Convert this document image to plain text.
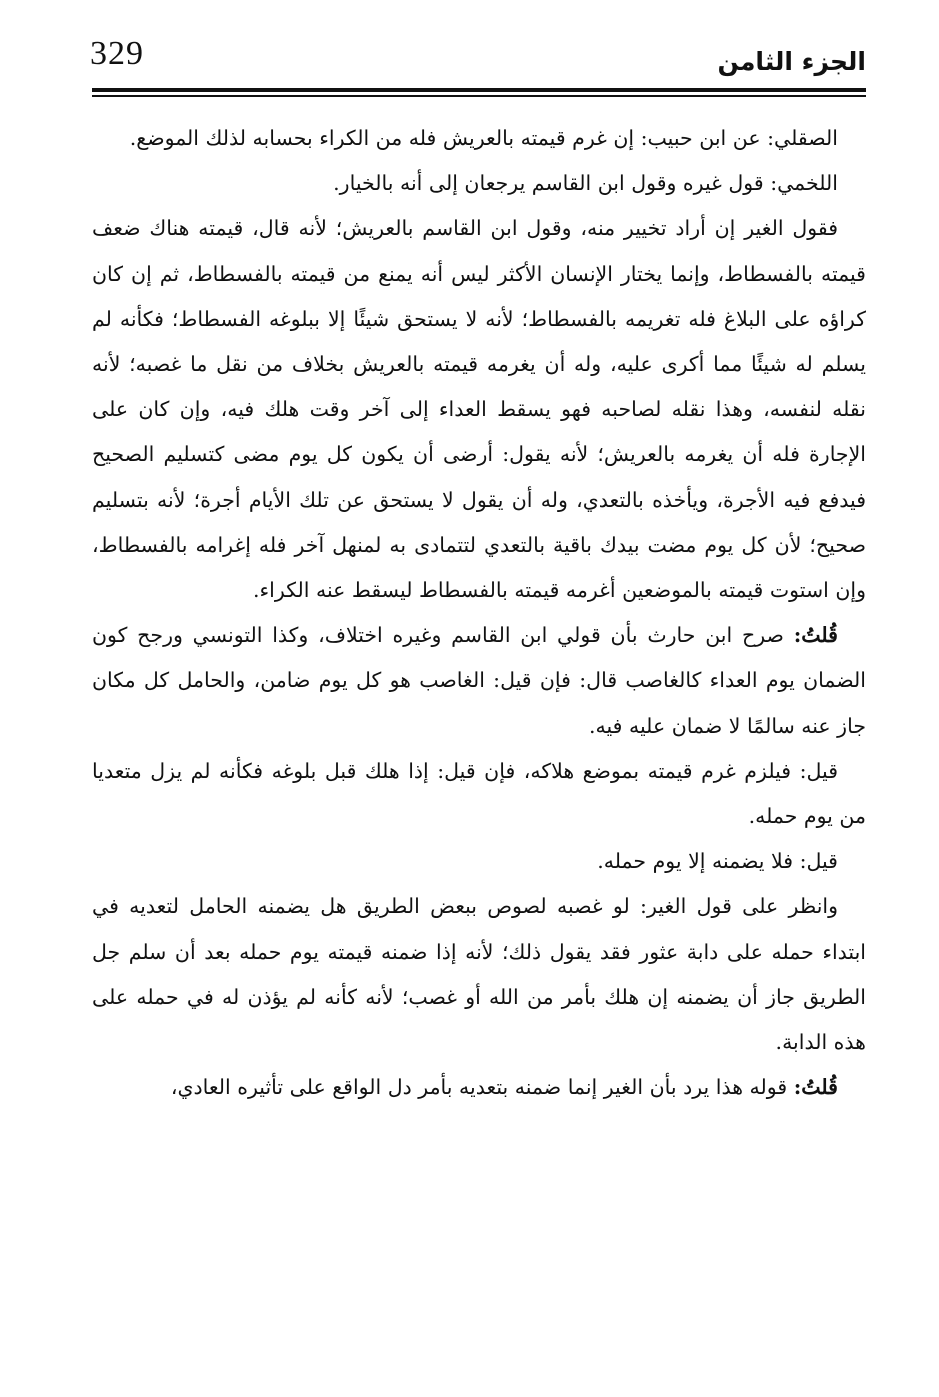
329	الجزء الثامن

الصقلي: عن ابن حبيب: إن غرم قيمته بالعريش فله من الكراء بحسابه لذلك الموضع.

اللخمي: قول غيره وقول ابن القاسم يرجعان إلى أنه بالخيار.

فقول الغير إن أراد تخيير منه، وقول ابن القاسم بالعريش؛ لأنه قال، قيمته هناك ضعف قيمته بالفسطاط، وإنما يختار الإنسان الأكثر ليس أنه يمنع من قيمته بالفسطاط، ثم إن كان كراؤه على البلاغ فله تغريمه بالفسطاط؛ لأنه لا يستحق شيئًا إلا ببلوغه الفسطاط؛ فكأنه لم يسلم له شيئًا مما أكرى عليه، وله أن يغرمه قيمته بالعريش بخلاف من نقل ما غصبه؛ لأنه نقله لنفسه، وهذا نقله لصاحبه فهو يسقط العداء إلى آخر وقت هلك فيه، وإن كان على الإجارة فله أن يغرمه بالعريش؛ لأنه يقول: أرضى أن يكون كل يوم مضى كتسليم الصحيح فيدفع فيه الأجرة، ويأخذه بالتعدي، وله أن يقول لا يستحق عن تلك الأيام أجرة؛ لأنه بتسليم صحيح؛ لأن كل يوم مضت بيدك باقية بالتعدي لتتمادى به لمنهل آخر فله إغرامه بالفسطاط، وإن استوت قيمته بالموضعين أغرمه قيمته بالفسطاط ليسقط عنه الكراء.

قُلتُ: صرح ابن حارث بأن قولي ابن القاسم وغيره اختلاف، وكذا التونسي ورجح كون الضمان يوم العداء كالغاصب قال: فإن قيل: الغاصب هو كل يوم ضامن، والحامل كل مكان جاز عنه سالمًا لا ضمان عليه فيه.

قيل: فيلزم غرم قيمته بموضع هلاكه، فإن قيل: إذا هلك قبل بلوغه فكأنه لم يزل متعديا من يوم حمله.

قيل: فلا يضمنه إلا يوم حمله.

وانظر على قول الغير: لو غصبه لصوص ببعض الطريق هل يضمنه الحامل لتعديه في ابتداء حمله على دابة عثور فقد يقول ذلك؛ لأنه إذا ضمنه قيمته يوم حمله بعد أن سلم جل الطريق جاز أن يضمنه إن هلك بأمر من الله أو غصب؛ لأنه كأنه لم يؤذن له في حمله على هذه الدابة.

قُلتُ: قوله هذا يرد بأن الغير إنما ضمنه بتعديه بأمر دل الواقع على تأثيره العادي،
